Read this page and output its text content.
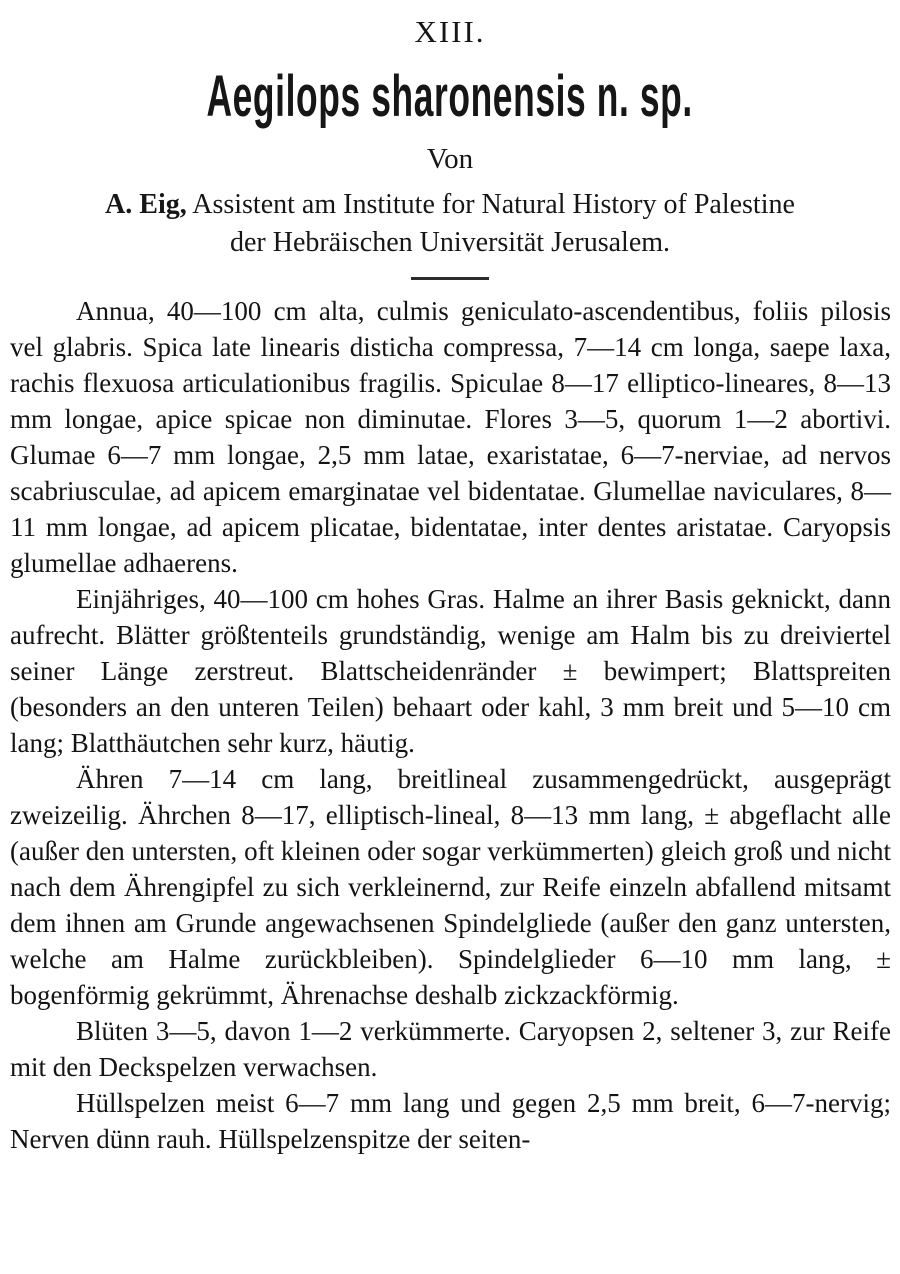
XIII.
Aegilops sharonensis n. sp.
Von
A. Eig, Assistent am Institute for Natural History of Palestine
der Hebräischen Universität Jerusalem.

Annua, 40—100 cm alta, culmis geniculato-ascendentibus, foliis pilosis vel glabris. Spica late linearis disticha compressa, 7—14 cm longa, saepe laxa, rachis flexuosa articulationibus fragilis. Spiculae 8—17 elliptico-lineares, 8—13 mm longae, apice spicae non diminutae. Flores 3—5, quorum 1—2 abortivi. Glumae 6—7 mm longae, 2,5 mm latae, exaristatae, 6—7-nerviae, ad nervos scabriusculae, ad apicem emarginatae vel bidentatae. Glumellae naviculares, 8—11 mm longae, ad apicem plicatae, bidentatae, inter dentes aristatae. Caryopsis glumellae adhaerens.

Einjähriges, 40—100 cm hohes Gras. Halme an ihrer Basis geknickt, dann aufrecht. Blätter größtenteils grundständig, wenige am Halm bis zu dreiviertel seiner Länge zerstreut. Blattscheidenränder ± bewimpert; Blattspreiten (besonders an den unteren Teilen) behaart oder kahl, 3 mm breit und 5—10 cm lang; Blatthäutchen sehr kurz, häutig.

Ähren 7—14 cm lang, breitlineal zusammengedrückt, ausgeprägt zweizeilig. Ährchen 8—17, elliptisch-lineal, 8—13 mm lang, ± abgeflacht alle (außer den untersten, oft kleinen oder sogar verkümmerten) gleich groß und nicht nach dem Ährengipfel zu sich verkleinernd, zur Reife einzeln abfallend mitsamt dem ihnen am Grunde angewachsenen Spindelgliede (außer den ganz untersten, welche am Halme zurückbleiben). Spindelglieder 6—10 mm lang, ± bogenförmig gekrümmt, Ährenachse deshalb zickzackförmig.

Blüten 3—5, davon 1—2 verkümmerte. Caryopsen 2, seltener 3, zur Reife mit den Deckspelzen verwachsen.

Hüllspelzen meist 6—7 mm lang und gegen 2,5 mm breit, 6—7-nervig; Nerven dünn rauh. Hüllspelzenspitze der seiten-
